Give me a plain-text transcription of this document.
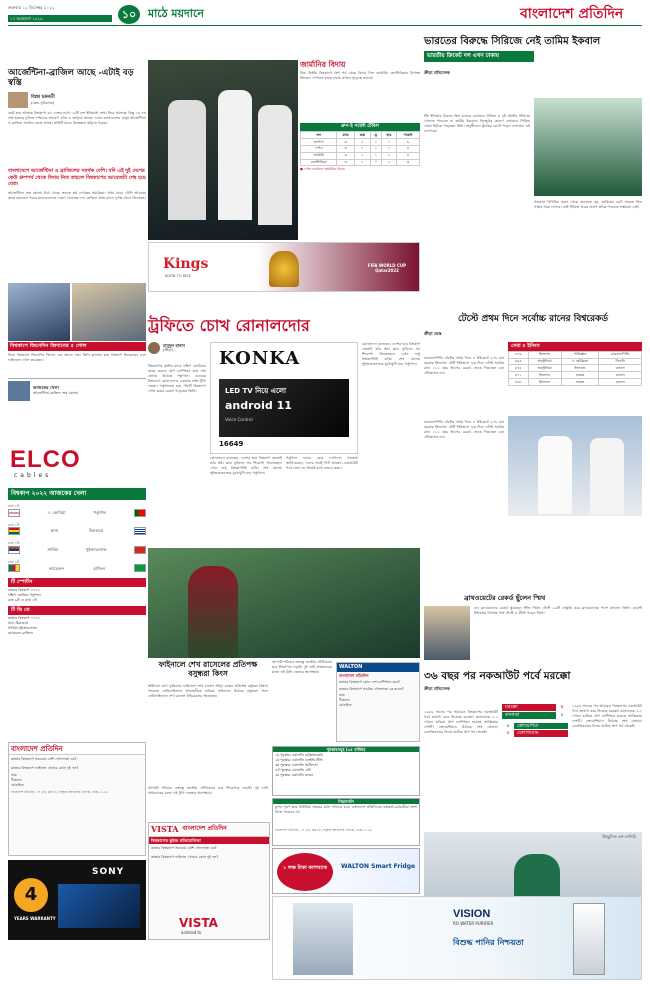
শুক্রবার ১২ ডিসেম্বর ২০২২
১৭ অগ্রহায়ণ ১৪২৯	১০	মাঠে ময়দানে	বাংলাদেশ প্রতিদিন
আর্জেন্টিনা-ব্রাজিল আছে -এটাই বড় স্বস্তি
বিপ্লব চক্রবর্তী
(কোচ ফুটবলার)
ছোট হয়ে আসছে বিশ্বকাপ। ৩২ দেশের মধ্যে ১৬টি দেশ ইতিমধ্যে শেষ। নিয়ে আসছে। কিন্তু ১৬ দল শেষ হয়েছে ফুটবল দর্শকদের আবেগ এখন ও জড়িয়ে আছে। এবার বাংলাদেশের মানুষ আর্জেন্টিনা ও ব্রাজিল সমর্থনে মেতে আছে। প্রতিটি ম্যাচে উত্তেজনা ছড়িয়ে পড়ছে।
বাংলাদেশে আর্জেন্টিনা ও ব্রাজিলের সমর্থক বেশি। যদি এই দুই দেশের কেউ গ্রুপপর্ব থেকে বিদায় নিত তাহলে বিশ্বকাপের আমেজটা শেষ হয়ে যেত।
আর্জেন্টিনা শেষ ষোলয় উঠে গেছে। অনেক স্বপ্ন দেখছেন সমর্থকরা। প্রথম ম্যাচে সৌদি আরবের কাছে হারলেও পরের ম্যাচগুলোতে দারুণ খেলেছে দল। ব্রাজিল প্রথম ম্যাচে দুর্দান্ত খেলে জিতেছে।
বিশ্বকাপে জিনেদিন জিদানের ৫ গোল
ফিফা বিশ্বকাপে জিনেদিন জিদান এক অনন্য নাম। তিনি ফ্রান্সের হয়ে বিশ্বকাপ জিতেছেন এবং ফাইনালে গোল করেছেন।
আজকের খেলা
আর্জেন্টিনা-ব্রাজিল শেষ ষোলয়
জার্মানির বিদায়
টানা দ্বিতীয় বিশ্বকাপে গ্রুপ পর্ব থেকে বিদায় নিল জার্মানি। কোস্টারিকার বিপক্ষে জিতেও স্পেনের কাছে হারায় কপাল পুড়েছে তাদের।
গ্রুপ-ই পয়েন্ট টেবিল
দল	ম্যাচ	জয়	ড্র	হার	পয়েন্ট
জাপান	৩	২	০	১	৬
স্পেন	৩	১	১	১	৪
জার্মানি	৩	১	১	১	৪
কোস্টারিকা	৩	১	০	২	৩
● গোল ব্যবধানে জার্মানির বিদায়
Kings
BORN TO RISE
FIFA WORLD CUP Qatar2022
ভারতের বিরুদ্ধে সিরিজে নেই তামিম ইকবাল
ভারতীয় ক্রিকেট দল এখন ঢাকায়
ক্রীড়া প্রতিবেদক
টিম ইন্ডিয়ার বিরুদ্ধে তিন ম্যাচের ওয়ানডে সিরিজ ও দুই টেস্টের সিরিজে খেলতে পারবেন না তামিম ইকবাল। ইনজুরির কারণে ওয়ানডে সিরিজ থেকে ছিটকে পড়েছেন তিনি। অনুশীলনে কুঁচকির চোটে পড়েন দেশসেরা এই ওপেনার।
গতকাল বিসিবির তরফ থেকে জানানো হয়, তামিমের চোট সারতে তিন সপ্তাহ সময় লাগবে। তাই সিরিজ শুরুর আগে তাঁকে পাওয়ার সম্ভাবনা নেই।
ট্রফিতে চোখ রোনালদোর
মাসুদুল হাসান
(ক্রীড়া)
বিশ্বকাপের তৃতীয় ম্যাচে দক্ষিণ কোরিয়ার কাছে হেরেও গ্রুপ চ্যাম্পিয়ন হয়ে শেষ ষোলয় উঠেছে পর্তুগাল। এবারের বিশ্বকাপে রোনালদোর একমাত্র লক্ষ্য ট্রফি জেতা। পর্তুগালের হয়ে পাঁচটি বিশ্বকাপে গোল করার রেকর্ড গড়েছেন তিনি।
KONKA
LED TV নিয়ে এলো
android 11
Voice Control
16649
রোনালদো বলেছেন, দেশের হয়ে বিশ্বকাপ জেতাই তাঁর স্বপ্ন। ক্লাব ফুটবলে সব শিরোপা জিতেছেন। এখন শুধু বিশ্বকাপটাই বাকি। শেষ ষোলয় সুইজারল্যান্ডের মুখোমুখি হবে পর্তুগাল।
পর্তুগাল দলের কোচ ফার্নান্দো সান্তোস জানিয়েছেন, দলের সবাই ফিট আছেন। নকআউট পর্বে সেরা দল নিয়েই মাঠে নামবে তারা।
রোনালদো বলেছেন, দেশের হয়ে বিশ্বকাপ জেতাই তাঁর স্বপ্ন। ক্লাব ফুটবলে সব শিরোপা জিতেছেন। এখন শুধু বিশ্বকাপটাই বাকি। শেষ ষোলয় সুইজারল্যান্ডের মুখোমুখি হবে পর্তুগাল।
টেস্টে প্রথম দিনে সর্বোচ্চ রানের বিশ্বরেকর্ড
ক্রীড়া ডেস্ক
রাওয়ালপিন্ডি টেস্টের প্রথম দিনে ৪ উইকেটে ৫০৬ রান করেছে ইংল্যান্ড। টেস্ট ইতিহাসে এক দিনে এটাই সর্বোচ্চ রান। ১১২ বছর আগের রেকর্ড ভেঙে দিয়েছেন বেন স্টোকসের দল।
সেরা ৫ ইনিংস
৫০৬	ইংল্যান্ড	পাকিস্তান	রাওয়ালপিন্ডি
৪৯৪	অস্ট্রেলিয়া	দ. আফ্রিকা	সিডনি
৪৭৫	অস্ট্রেলিয়া	ইংল্যান্ড	ওভাল
৪৭১	ইংল্যান্ড	ভারত	ওভাল
৪৫৮	ইংল্যান্ড	ভারত	ওভাল
রাওয়ালপিন্ডি টেস্টের প্রথম দিনে ৪ উইকেটে ৫০৬ রান করেছে ইংল্যান্ড। টেস্ট ইতিহাসে এক দিনে এটাই সর্বোচ্চ রান। ১১২ বছর আগের রেকর্ড ভেঙে দিয়েছেন বেন স্টোকসের দল।
ব্রাথওয়েটের রেকর্ড ছুঁলেন স্মিথ
ডন ব্র্যাডম্যানের রেকর্ড ছুঁয়েছেন স্টিভ স্মিথ। টেস্টে ২৯টি সেঞ্চুরি করে ব্র্যাডম্যানের পাশে বসলেন তিনি। ওয়েস্ট ইন্ডিজের বিপক্ষে পার্থ টেস্টে এ কীর্তি গড়েন স্মিথ।
৩৬ বছর পর নকআউট পর্বে মরক্কো
ক্রীড়া প্রতিবেদক
১৯৮৬ সালের পর আবারও বিশ্বকাপের নকআউট পর্বে জায়গা করে নিয়েছে মরক্কো। কানাডাকে ২-১ গোলে হারিয়ে গ্রুপ চ্যাম্পিয়ন হয়েছে আফ্রিকার দেশটি। ক্রোয়েশিয়াও উঠেছে শেষ ষোলয়। বেলজিয়ামের বিদায় ঘটেছে গ্রুপ পর্ব থেকেই।
মরক্কো	২
কানাডা	১
০	ক্রোয়েশিয়া
০	বেলজিয়াম
১৯৮৬ সালের পর আবারও বিশ্বকাপের নকআউট পর্বে জায়গা করে নিয়েছে মরক্কো। কানাডাকে ২-১ গোলে হারিয়ে গ্রুপ চ্যাম্পিয়ন হয়েছে আফ্রিকার দেশটি। ক্রোয়েশিয়াও উঠেছে শেষ ষোলয়। বেলজিয়ামের বিদায় ঘটেছে গ্রুপ পর্ব থেকেই।
উচ্ছ্বসিত এন-নেসিরি
ELCO
cables
বিশ্বকাপ ২০২২ আজকের খেলা
রাত ১টা
দ. কোরিয়া	পর্তুগাল
রাত ১টা
ঘানা	উরুগুয়ে
রাত ১টা
সার্বিয়া	সুইজারল্যান্ড
রাত ১টা
ক্যামেরুন	ব্রাজিল
টি স্পোর্টস
কাতার বিশ্বকাপ ২০২২
দক্ষিণ কোরিয়া-পর্তুগাল
রাত ৯টা ও রাত ১টা
টি ভি তে
কাতার বিশ্বকাপ ২০২২
ঘানা-উরুগুয়ে
সার্বিয়া-সুইজারল্যান্ড
ক্যামেরুন-ব্রাজিল
ফাইনালে শেখ রাসেলের প্রতিপক্ষ বসুন্ধরা কিংস
স্বাধীনতা কাপ ফুটবলের ফাইনালে শেখ রাসেল ক্রীড়া চক্রের প্রতিপক্ষ বসুন্ধরা কিংস। গতকাল সেমিফাইনালে আবাহনীকে হারিয়ে ফাইনালে উঠেছে বসুন্ধরা। অন্য সেমিফাইনালে শেখ রাসেল টাইব্রেকারে জিতেছে।
আগামী শনিবার বঙ্গবন্ধু জাতীয় স্টেডিয়ামে হবে শিরোপার লড়াই। দুই দলই প্রথমবারের মতো এই ট্রফি জেতার অপেক্ষায়।
আগামী শনিবার বঙ্গবন্ধু জাতীয় স্টেডিয়ামে হবে শিরোপার লড়াই। দুই দলই প্রথমবারের মতো এই ট্রফি জেতার অপেক্ষায়।
WALTON
বাংলাদেশ প্রতিদিন
কাতার বিশ্বকাপে কোন দেশ চ্যাম্পিয়ন হবে?
কাতার বিশ্বকাপে সর্বোচ্চ গোলদাতা কে হবেন?
নাম:
ঠিকানা:
মোবাইল:
পুরস্কারসমূহ (৩৫ বার্ষিক)
১ম পুরস্কার: ওয়ালটন রেফ্রিজারেটর
২য় পুরস্কার: ওয়ালটন এলইডি টিভি
৩য় পুরস্কার: ওয়ালটন স্মার্টফোন
৪র্থ পুরস্কার: ওয়ালটন এসি
৫ম পুরস্কার: ওয়ালটন ওভেন
নিয়মাবলি
কুপন পূরণ করে নির্ধারিত সময়ের মধ্যে পাঠাতে হবে। বাংলাদেশ প্রতিদিনের কর্মকর্তা-কর্মচারীরা অংশ নিতে পারবেন না।
বাংলাদেশ প্রতিদিন, ৩৭১/এ, ব্লক ডি, বসুন্ধরা আবাসিক এলাকা, ঢাকা-১২২৯
১ লক্ষ টাকা ক্যাশব্যাক	WALTON Smart Fridge
বাংলাদেশ প্রতিদিন
কাতার বিশ্বকাপে সবচেয়ে বেশি গোলদাতা কে?
কাতার বিশ্বকাপে ফাইনাল খেলবে কোন দুই দল?
নাম:
ঠিকানা:
মোবাইল:
বাংলাদেশ প্রতিদিন, ৩৭১/এ, ব্লক ডি, বসুন্ধরা আবাসিক এলাকা, ঢাকা-১২২৯
SONY
4
YEARS WARRANTY
VISTA বাংলাদেশ প্রতিদিন
বিশ্বকাপের কুইজ প্রতিযোগিতা
কাতার বিশ্বকাপে সবচেয়ে বেশি গোলদাতা কে?
কাতার বিশ্বকাপে ফাইনাল খেলবে কোন দুই দল?
VISTA
android tv
VISION
RO WATER PURIFIER
বিশুদ্ধ পানির নিশ্চয়তা
